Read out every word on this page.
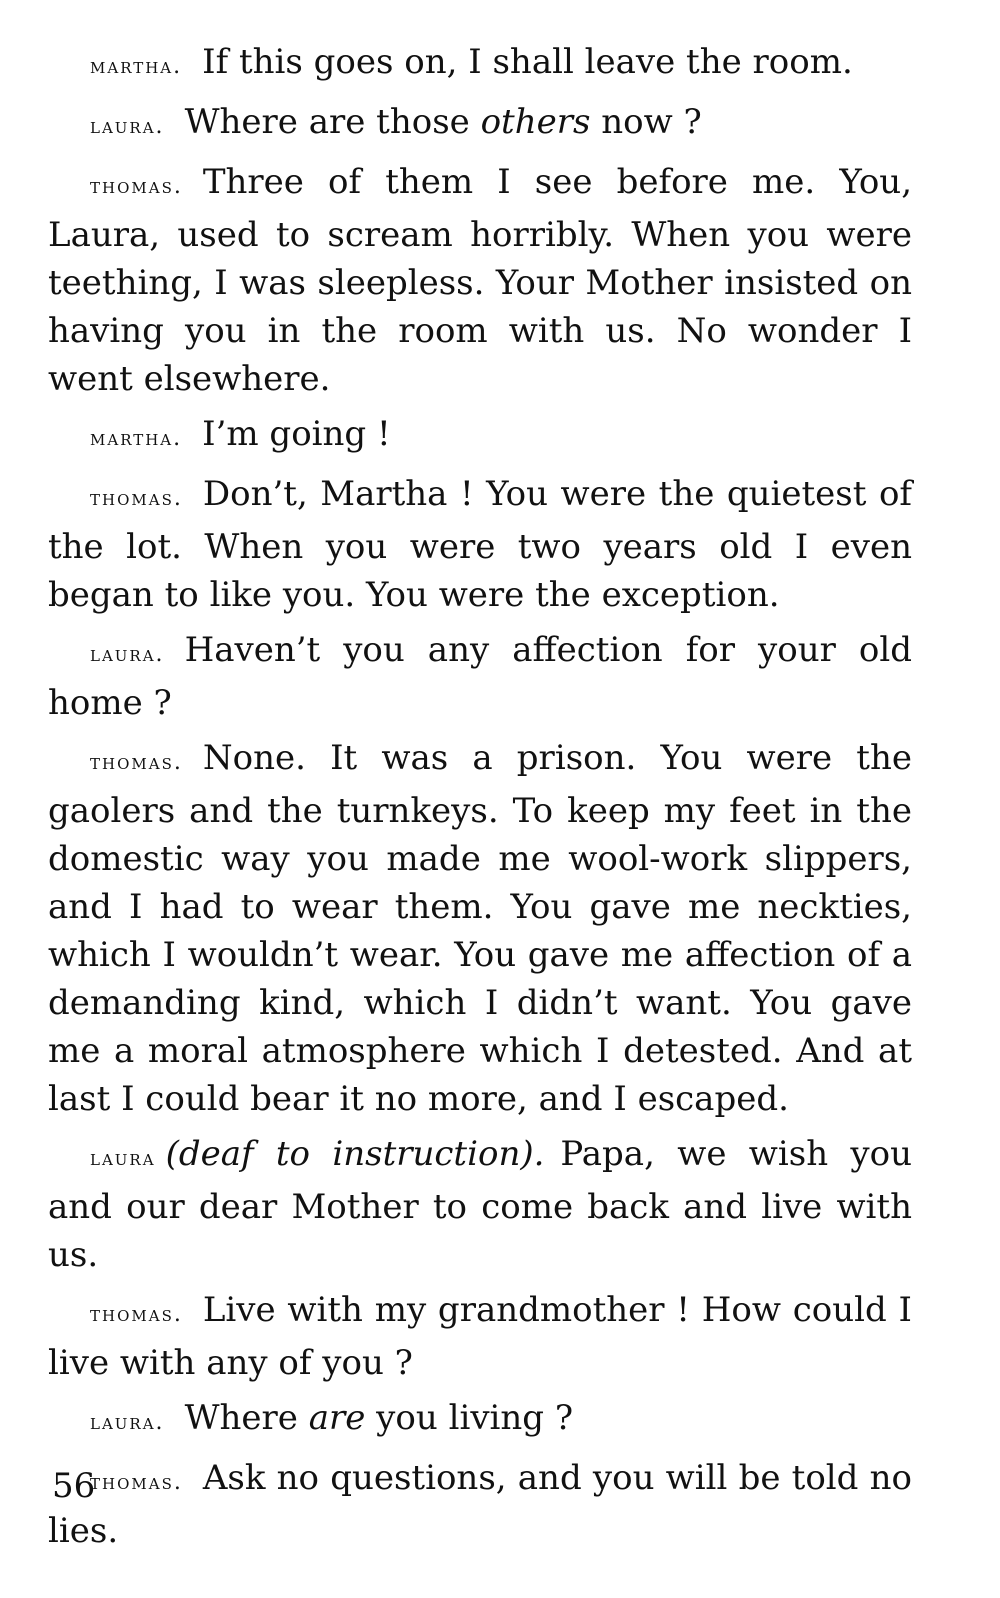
martha. If this goes on, I shall leave the room.

laura. Where are those others now ?

thomas. Three of them I see before me. You, Laura, used to scream horribly. When you were teething, I was sleepless. Your Mother insisted on having you in the room with us. No wonder I went elsewhere.

martha. I’m going !

thomas. Don’t, Martha ! You were the quietest of the lot. When you were two years old I even began to like you. You were the exception.

laura. Haven’t you any affection for your old home ?

thomas. None. It was a prison. You were the gaolers and the turnkeys. To keep my feet in the domestic way you made me wool-work slippers, and I had to wear them. You gave me neckties, which I wouldn’t wear. You gave me affection of a demanding kind, which I didn’t want. You gave me a moral atmosphere which I detested. And at last I could bear it no more, and I escaped.

laura (deaf to instruction). Papa, we wish you and our dear Mother to come back and live with us.

thomas. Live with my grandmother ! How could I live with any of you ?

laura. Where are you living ?

thomas. Ask no questions, and you will be told no lies.

56
